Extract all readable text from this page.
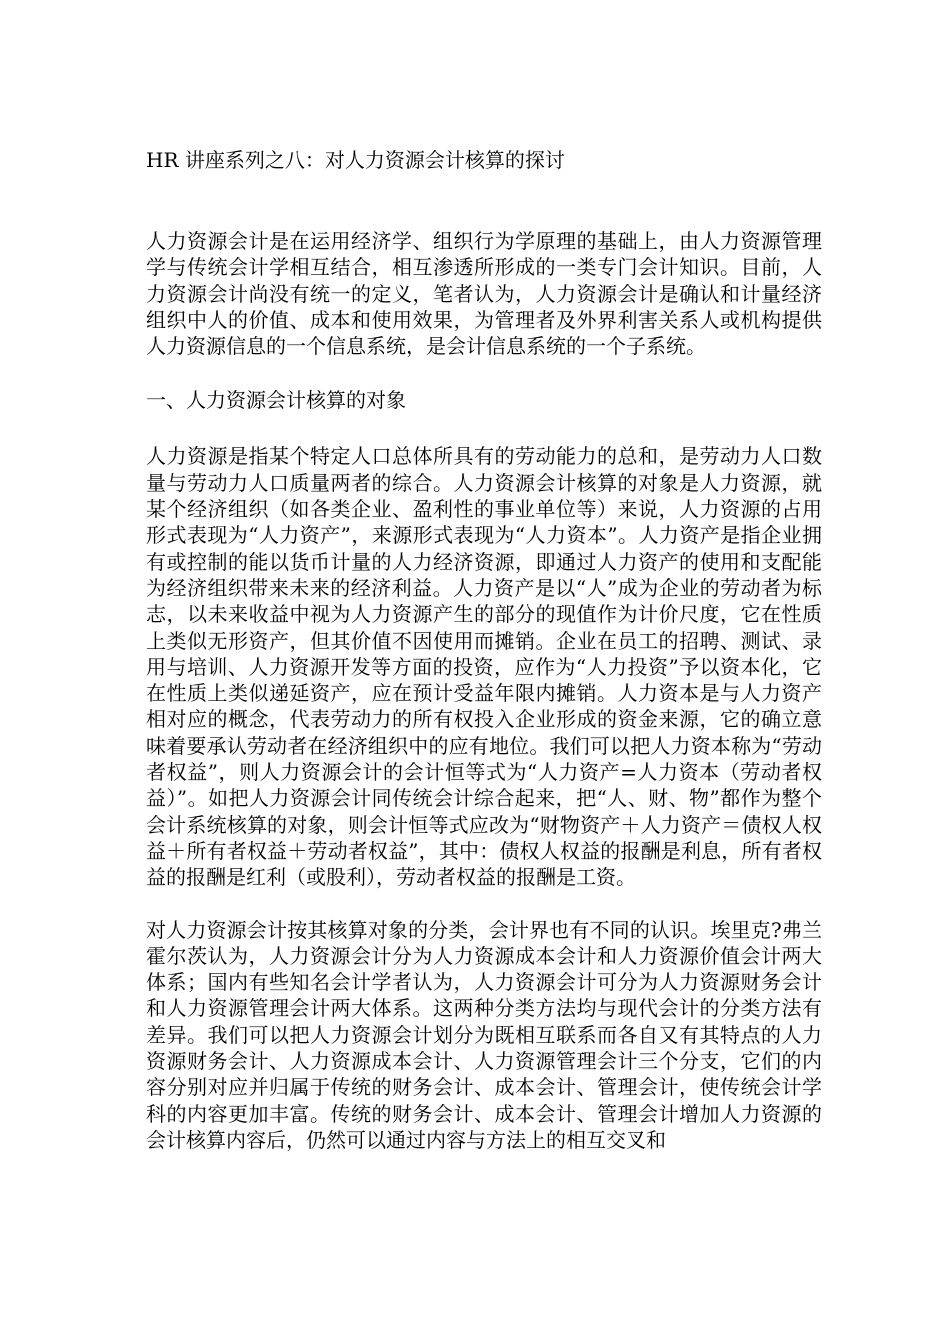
HR 讲座系列之八：对人力资源会计核算的探讨

人力资源会计是在运用经济学、组织行为学原理的基础上，由人力资源管理学与传统会计学相互结合，相互渗透所形成的一类专门会计知识。目前，人力资源会计尚没有统一的定义，笔者认为，人力资源会计是确认和计量经济组织中人的价值、成本和使用效果，为管理者及外界利害关系人或机构提供人力资源信息的一个信息系统，是会计信息系统的一个子系统。

一、人力资源会计核算的对象

人力资源是指某个特定人口总体所具有的劳动能力的总和，是劳动力人口数量与劳动力人口质量两者的综合。人力资源会计核算的对象是人力资源，就某个经济组织（如各类企业、盈利性的事业单位等）来说，人力资源的占用形式表现为“人力资产”，来源形式表现为“人力资本”。人力资产是指企业拥有或控制的能以货币计量的人力经济资源，即通过人力资产的使用和支配能为经济组织带来未来的经济利益。人力资产是以“人”成为企业的劳动者为标志，以未来收益中视为人力资源产生的部分的现值作为计价尺度，它在性质上类似无形资产，但其价值不因使用而摊销。企业在员工的招聘、测试、录用与培训、人力资源开发等方面的投资，应作为“人力投资”予以资本化，它在性质上类似递延资产，应在预计受益年限内摊销。人力资本是与人力资产相对应的概念，代表劳动力的所有权投入企业形成的资金来源，它的确立意味着要承认劳动者在经济组织中的应有地位。我们可以把人力资本称为“劳动者权益”，则人力资源会计的会计恒等式为“人力资产=人力资本（劳动者权益）”。如把人力资源会计同传统会计综合起来，把“人、财、物”都作为整个会计系统核算的对象，则会计恒等式应改为“财物资产＋人力资产＝债权人权益＋所有者权益＋劳动者权益”，其中：债权人权益的报酬是利息，所有者权益的报酬是红利（或股利），劳动者权益的报酬是工资。

对人力资源会计按其核算对象的分类，会计界也有不同的认识。埃里克?弗兰霍尔茨认为，人力资源会计分为人力资源成本会计和人力资源价值会计两大体系；国内有些知名会计学者认为，人力资源会计可分为人力资源财务会计和人力资源管理会计两大体系。这两种分类方法均与现代会计的分类方法有差异。我们可以把人力资源会计划分为既相互联系而各自又有其特点的人力资源财务会计、人力资源成本会计、人力资源管理会计三个分支，它们的内容分别对应并归属于传统的财务会计、成本会计、管理会计，使传统会计学科的内容更加丰富。传统的财务会计、成本会计、管理会计增加人力资源的会计核算内容后，仍然可以通过内容与方法上的相互交叉和
